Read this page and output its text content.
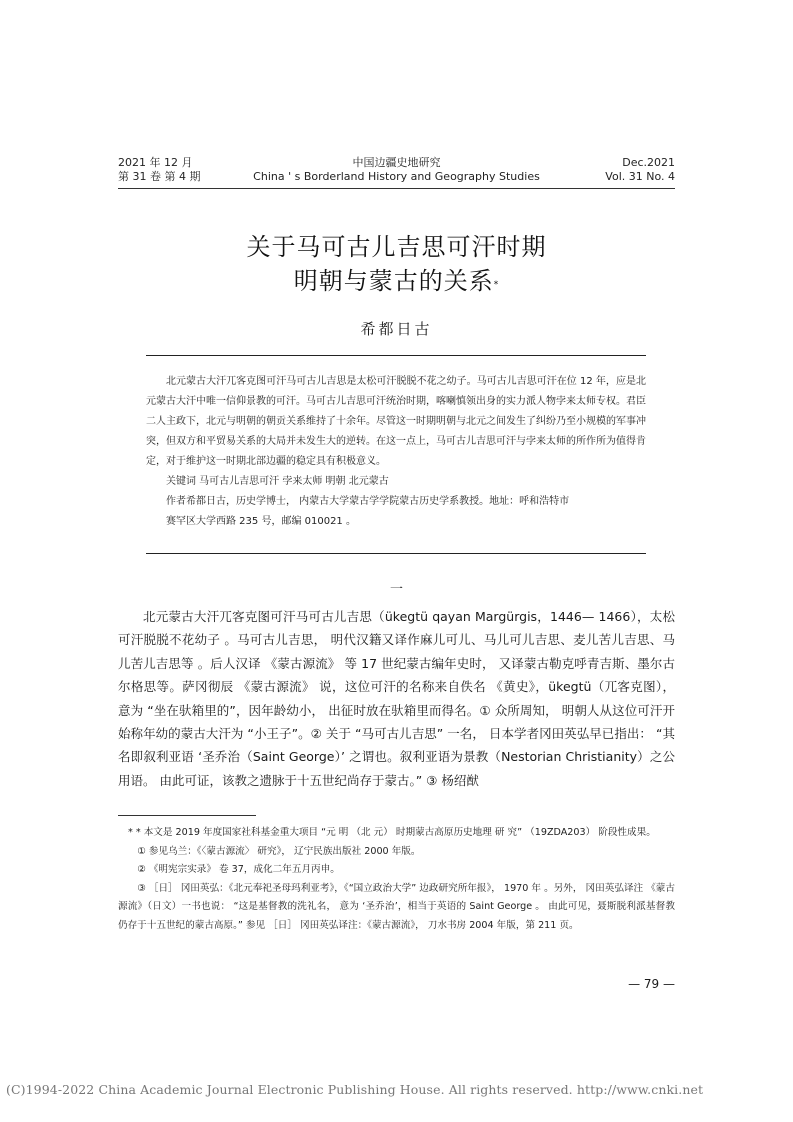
2021 年 12 月
第 31 卷 第 4 期
中国边疆史地研究
China ' s Borderland History and Geography Studies
Dec.2021
Vol. 31 No. 4
关于马可古儿吉思可汗时期
明朝与蒙古的关系*
希都日古

北元蒙古大汗兀客克图可汗马可古儿吉思是太松可汗脱脱不花之幼子。马可古儿吉思可汗在位 12 年，应是北元蒙古大汗中唯一信仰景教的可汗。马可古儿吉思可汗统治时期，喀喇慎领出身的实力派人物孛来太师专权。君臣二人主政下，北元与明朝的朝贡关系维持了十余年。尽管这一时期明朝与北元之间发生了纠纷乃至小规模的军事冲突，但双方和平贸易关系的大局并未发生大的逆转。在这一点上，马可古儿吉思可汗与孛来太师的所作所为值得肯定，对于维护这一时期北部边疆的稳定具有积极意义。

关键词 马可古儿吉思可汗 孛来太师 明朝 北元蒙古

作者希都日古，历史学博士， 内蒙古大学蒙古学学院蒙古历史学系教授。地址：呼和浩特市

赛罕区大学西路 235 号，邮编 010021 。

一

北元蒙古大汗兀客克图可汗马可古儿吉思（ükegtü qayan Margürgis，1446— 1466），太松可汗脱脱不花幼子 。马可古儿吉思， 明代汉籍又译作麻儿可儿、马儿可儿吉思、麦儿苦儿吉思、马儿苦儿吉思等 。后人汉译 《蒙古源流》 等 17 世纪蒙古编年史时， 又译蒙古勒克呼青吉斯、墨尔古尔格思等。萨冈彻辰 《蒙古源流》 说，这位可汗的名称来自佚名 《黄史》，ükegtü（兀客克图）， 意为 “坐在驮箱里的”，因年龄幼小， 出征时放在驮箱里而得名。① 众所周知， 明朝人从这位可汗开始称年幼的蒙古大汗为 “小王子”。② 关于 “马可古儿吉思” 一名， 日本学者冈田英弘早已指出： “其名即叙利亚语 ‘圣乔治（Saint George）’ 之谓也。叙利亚语为景教（Nestorian Christianity）之公用语。 由此可证，该教之遗脉于十五世纪尚存于蒙古。” ③ 杨绍猷

* * 本文是 2019 年度国家社科基金重大项目 “元 明 （北 元） 时期蒙古高原历史地理 研 究” （19ZDA203） 阶段性成果。

① 参见乌兰：《〈蒙古源流〉 研究》， 辽宁民族出版社 2000 年版。

② 《明宪宗实录》 卷 37，成化二年五月丙申。

③ ［日］ 冈田英弘：《北元奉祀圣母玛利亚考》，《“国立政治大学” 边政研究所年报》， 1970 年 。另外， 冈田英弘译注 《蒙古源流》（日文）一书也说： “这是基督教的洗礼名， 意为 ‘圣乔治’，相当于英语的 Saint George 。 由此可见，聂斯脱利派基督教仍存于十五世纪的蒙古高原。” 参见 ［日］ 冈田英弘译注：《蒙古源流》， 刀水书房 2004 年版，第 211 页。

— 79 —
(C)1994-2022 China Academic Journal Electronic Publishing House. All rights reserved. http://www.cnki.net
